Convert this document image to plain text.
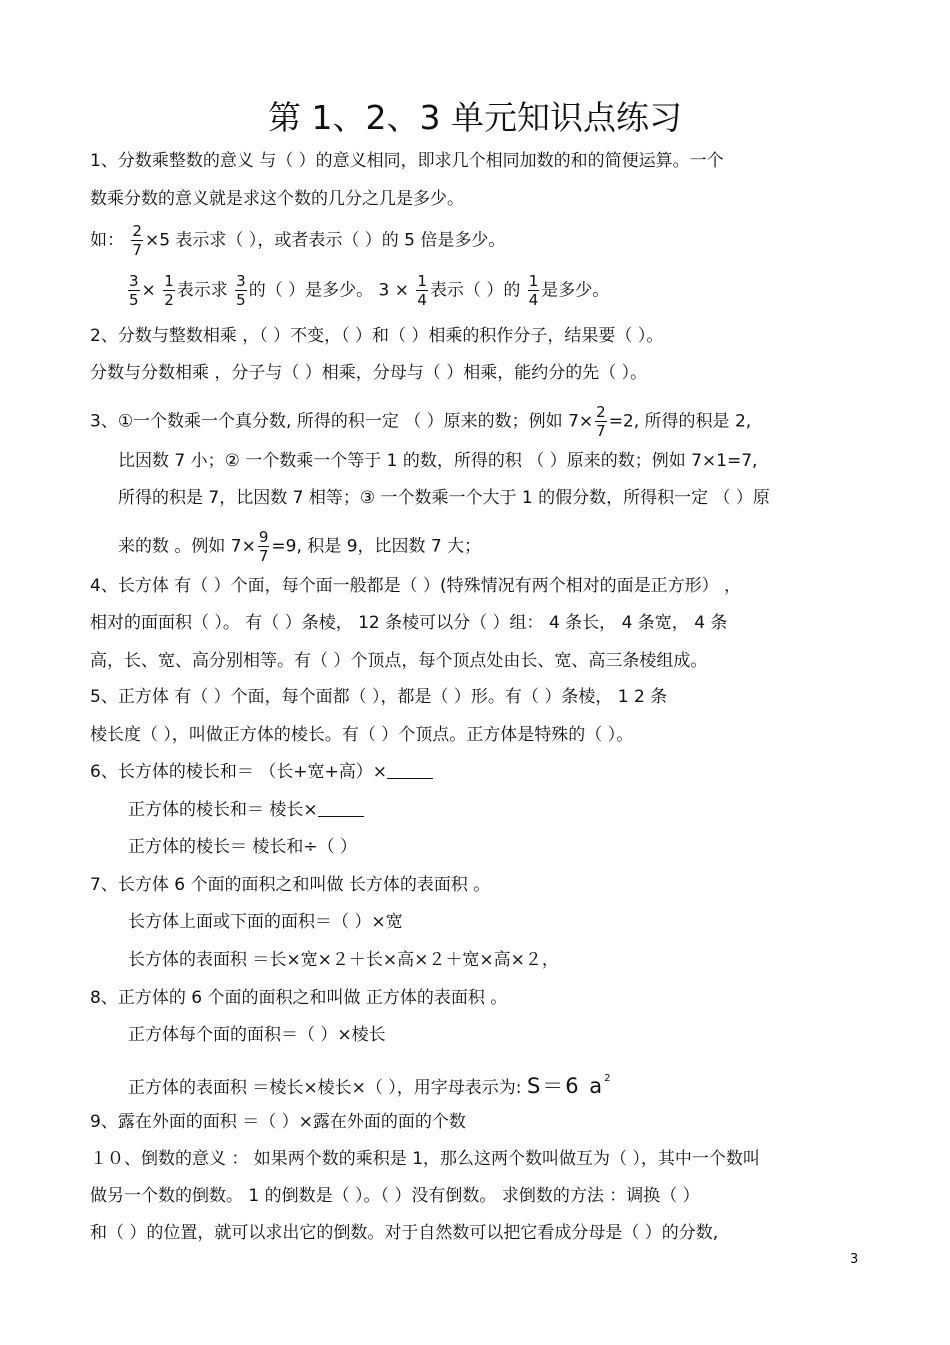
第 1、2、3 单元知识点练习
1、分数乘整数的意义 与（ ）的意义相同，即求几个相同加数的和的简便运算。一个
数乘分数的意义就是求这个数的几分之几是多少。
如： $\frac{2}{7} \times 5$ 表示求（ ），或者表示（ ）的 5 倍是多少。
$\frac{3}{5} \times \frac{1}{2}$ 表示求 $\frac{3}{5}$ 的（ ）是多少。 $3 \times \frac{1}{4}$ 表示（ ）的 $\frac{1}{4}$ 是多少。
2、分数与整数相乘 ，（ ）不变，（ ）和（ ）相乘的积作分子，结果要（ ）。
分数与分数相乘 ，分子与（ ）相乘，分母与（ ）相乘，能约分的先（ ）。
3、①一个数乘一个真分数, 所得的积一定 （ ）原来的数；例如 $7\times \frac{2}{7} =2$, 所得的积是 2,
比因数 7 小；② 一个数乘一个等于 1 的数，所得的积 （ ）原来的数；例如 7×1=7,
所得的积是 7，比因数 7 相等；③ 一个数乘一个大于 1 的假分数，所得积一定 （ ）原
来的数 。例如 $7\times \frac{9}{7} =9$, 积是 9，比因数 7 大；
4、长方体 有（ ）个面，每个面一般都是（ ）(特殊情况有两个相对的面是正方形） ，
相对的面面积（ ）。 有（ ）条棱， 12 条棱可以分（ ）组： 4 条长， 4 条宽， 4 条
高，长、宽、高分别相等。有（ ）个顶点，每个顶点处由长、宽、高三条棱组成。
5、正方体 有（ ）个面，每个面都（ ），都是（ ）形。有（ ）条棱， 1 2 条
棱长度（ ），叫做正方体的棱长。有（ ）个顶点。正方体是特殊的（ ）。
6、长方体的棱长和＝ （长+宽+高）×
正方体的棱长和＝ 棱长×
正方体的棱长＝ 棱长和÷（ ）
7、长方体 6 个面的面积之和叫做 长方体的表面积 。
长方体上面或下面的面积＝（ ）×宽
长方体的表面积 ＝长×宽×２＋长×高×２＋宽×高×２，
8、正方体的 6 个面的面积之和叫做 正方体的表面积 。
正方体每个面的面积＝（ ）×棱长
正方体的表面积 ＝棱长×棱长×（ ），用字母表示为: S＝6 $a^2$
9、露在外面的面积 ＝（ ）×露在外面的面的个数
１０、倒数的意义 ： 如果两个数的乘积是 1，那么这两个数叫做互为（ ），其中一个数叫
做另一个数的倒数。 1 的倒数是（ ）。（ ）没有倒数。 求倒数的方法 ：调换（ ）
和（ ）的位置，就可以求出它的倒数。对于自然数可以把它看成分母是（ ）的分数,
3
